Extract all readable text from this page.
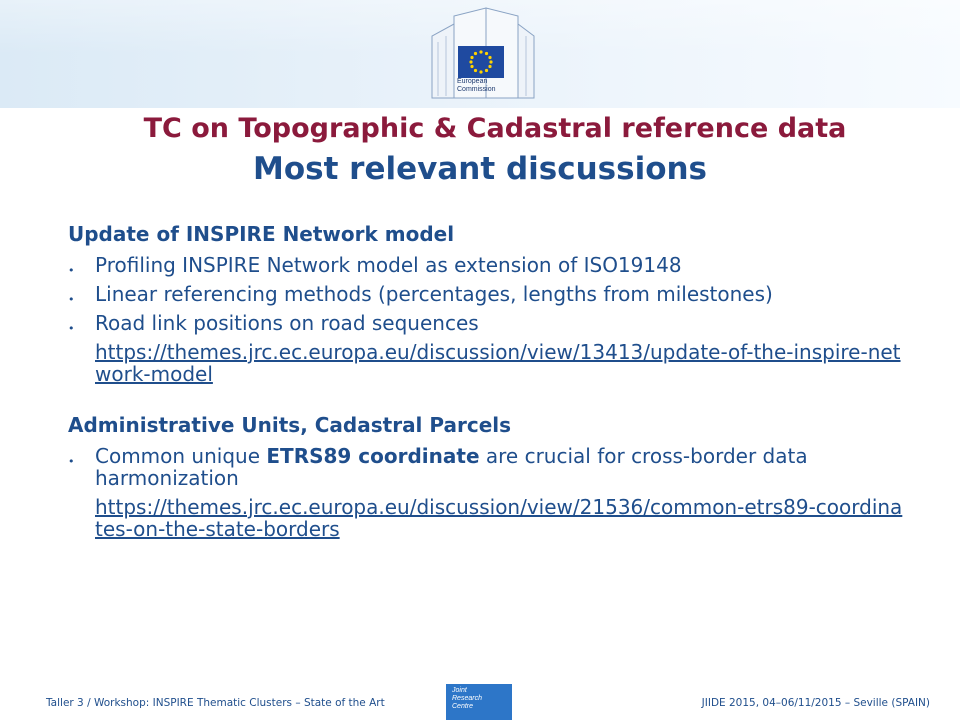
European
Commission
TC on Topographic & Cadastral reference data
Most relevant discussions
Update of INSPIRE Network model
• Profiling INSPIRE Network model as extension of ISO19148
• Linear referencing methods (percentages, lengths from milestones)
• Road link positions on road sequences
https://themes.jrc.ec.europa.eu/discussion/view/13413/update-of-the-inspire-network-model
Administrative Units, Cadastral Parcels
• Common unique ETRS89 coordinate are crucial for cross-border data harmonization
https://themes.jrc.ec.europa.eu/discussion/view/21536/common-etrs89-coordinates-on-the-state-borders
Taller 3 / Workshop: INSPIRE Thematic Clusters – State of the Art
Joint
Research
Centre	JIIDE 2015, 04–06/11/2015 – Seville (SPAIN)
